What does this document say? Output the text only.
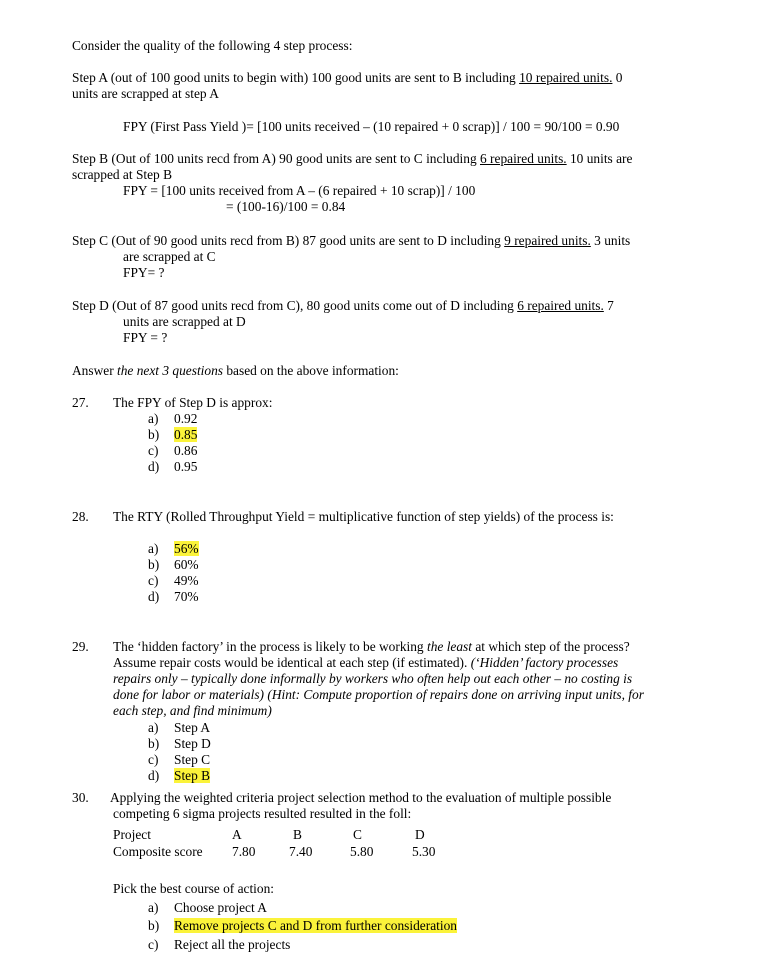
Consider the quality of the following 4 step process:
Step A (out of 100 good units to begin with) 100 good units are sent to B including 10 repaired units. 0
units are scrapped at step A
FPY (First Pass Yield )= [100 units received – (10 repaired + 0 scrap)] / 100 = 90/100 = 0.90
Step B (Out of 100 units recd from A) 90 good units are sent to C including 6 repaired units. 10 units are
scrapped at Step B
FPY = [100 units received from A – (6 repaired + 10 scrap)] / 100
= (100-16)/100 = 0.84
Step C (Out of 90 good units recd from B) 87 good units are sent to D including 9 repaired units. 3 units
are scrapped at C
FPY= ?
Step D (Out of 87 good units recd from C), 80 good units come out of D including 6 repaired units. 7
units are scrapped at D
FPY = ?
Answer the next 3 questions based on the above information:
27. The FPY of Step D is approx:
a) 0.92
b) 0.85
c) 0.86
d) 0.95
28. The RTY (Rolled Throughput Yield = multiplicative function of step yields) of the process is:
a) 56%
b) 60%
c) 49%
d) 70%
29. The ‘hidden factory’ in the process is likely to be working the least at which step of the process?
Assume repair costs would be identical at each step (if estimated). (‘Hidden’ factory processes
repairs only – typically done informally by workers who often help out each other – no costing is
done for labor or materials) (Hint: Compute proportion of repairs done on arriving input units, for
each step, and find minimum)
a) Step A
b) Step D
c) Step C
d) Step B
30. Applying the weighted criteria project selection method to the evaluation of multiple possible
competing 6 sigma projects resulted resulted in the foll:
Project	A	B	C	D
Composite score 7.80	7.40	5.80	5.30
Pick the best course of action:
a) Choose project A
b) Remove projects C and D from further consideration
c) Reject all the projects
